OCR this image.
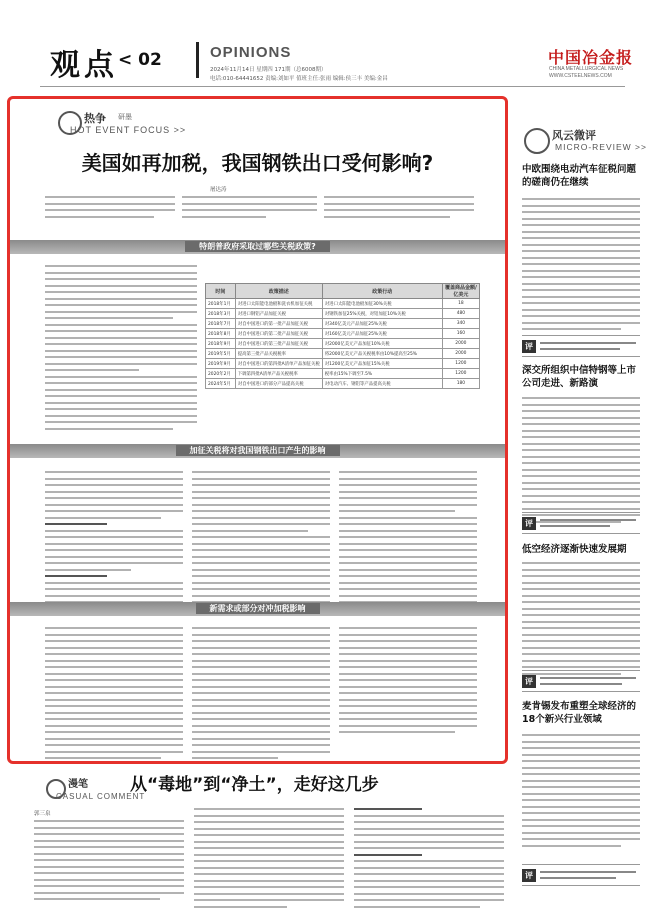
观点 < 02	OPINIONS
2024年11月14日 星期四 171期（总6008期）
电话:010-64441652 责编:刘如平 值班主任:张雨 编辑:侯三丰 美编:金昌
中国冶金报
CHINA METALLURGICAL NEWS
WWW.CSTEELNEWS.COM
热争 研墨
HOT EVENT FOCUS >>
美国如再加税，我国钢铁出口受何影响?
屠达涛
特朗普政府采取过哪些关税政策?
时间	政策描述	政策行动	覆盖商品金额/亿美元
2018年1月	对进口太阳能电池板和洗衣机加征关税	对进口太阳能电池板加征30%关税	18
2018年3月	对进口钢铝产品加征关税	对钢铁加征25%关税，对铝加征10%关税	480
2018年7月	对自中国进口的第一批产品加征关税	对340亿美元产品加征25%关税	340
2018年8月	对自中国进口的第二批产品加征关税	对160亿美元产品加征25%关税	160
2018年9月	对自中国进口的第三批产品加征关税	对2000亿美元产品加征10%关税	2000
2019年5月	提高第三批产品关税税率	将2000亿美元产品关税税率由10%提高至25%	2000
2019年9月	对自中国进口的第四批A清单产品加征关税	对1200亿美元产品加征15%关税	1200
2020年2月	下调第四批A清单产品关税税率	税率由15%下调至7.5%	1200
2024年5月	对自中国进口的部分产品提高关税	对电动汽车、钢铝等产品提高关税	180
加征关税将对我国钢铁出口产生的影响
新需求或部分对冲加税影响
漫笔
CASUAL COMMENT
从“毒地”到“净土”，走好这几步
郭三泉
风云微评
MICRO-REVIEW >>
中欧围绕电动汽车征税问题的磋商仍在继续
评
深交所组织中信特钢等上市公司走进、新路演
评
低空经济逐渐快速发展期
评
麦肯锡发布重塑全球经济的18个新兴行业领域
评
